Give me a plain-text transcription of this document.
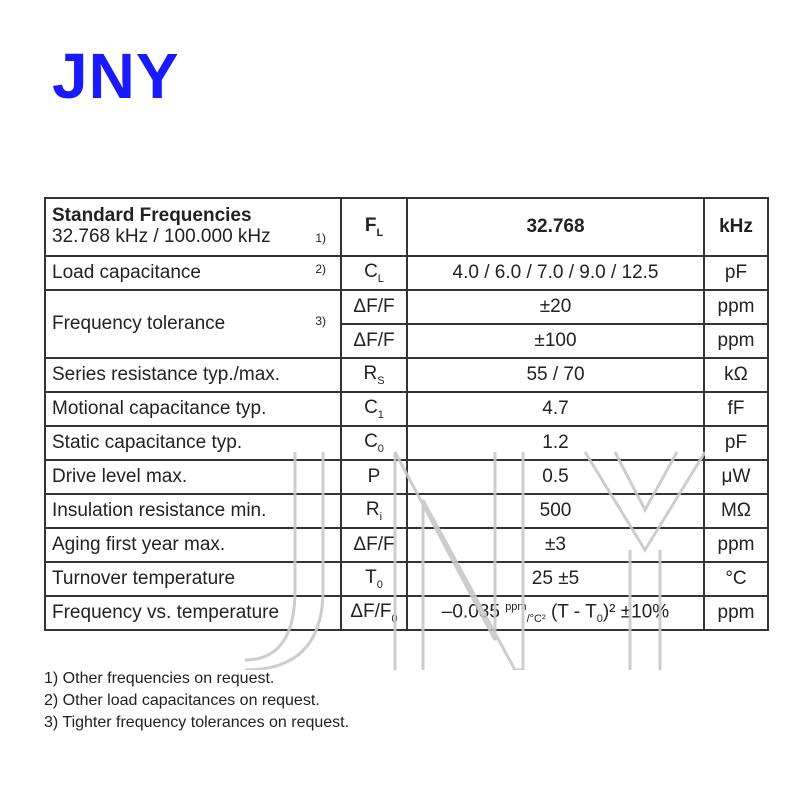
JNY
Standard Frequencies
32.768 kHz / 100.000 kHz 1)	$F_L$	32.768	kHz
Load capacitance 2)	$C_L$	4.0 / 6.0 / 7.0 / 9.0 / 12.5	pF
Frequency tolerance 3)	ΔF/F	±20	ppm
	ΔF/F	±100	ppm
Series resistance typ./max.	$R_S$	55 / 70	kΩ
Motional capacitance typ.	$C_1$	4.7	fF
Static capacitance typ.	$C_0$	1.2	pF
Drive level max.	P	0.5	μW
Insulation resistance min.	$R_i$	500	MΩ
Aging first year max.	ΔF/F	±3	ppm
Turnover temperature	$T_0$	25 ±5	°C
Frequency vs. temperature	$\Delta F/F_0$	–0.035 $^{ppm}_{/^\circ C^2}$ $(T - T_0)^2 \pm 10\%$	ppm
1) Other frequencies on request.
2) Other load capacitances on request.
3) Tighter frequency tolerances on request.
